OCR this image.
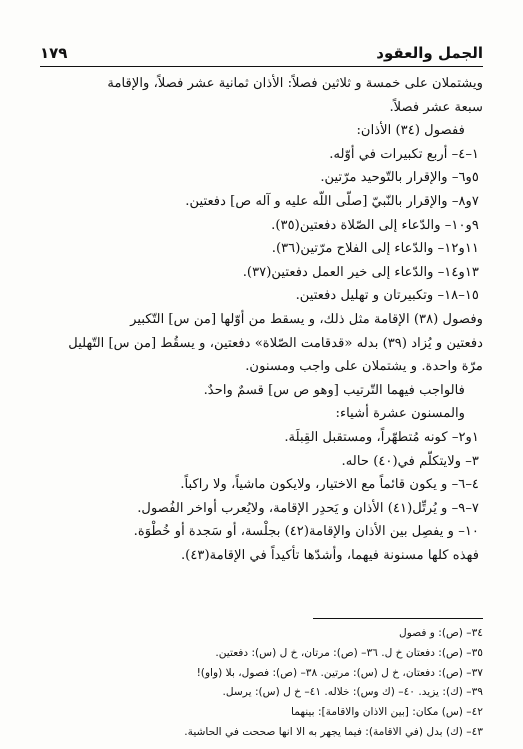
الجمل والعقود
١٧٩

ويشتملان على خمسة و ثلاثين فصلاً: الأذان ثمانية عشر فصلاً، والإقامة

سبعة عشر فصلاً.

ففصول (٣٤) الأذان:

١–٤– أربع تكبيرات في أوّله.

٥و٦– والإقرار بالتّوحيد مرّتين.

٧و٨– والإقرار بالنّبيّ [صلّى اللّه عليه و آله ص] دفعتين.

٩و١٠– والدّعاء إلى الصّلاة دفعتين(٣٥).

١١و١٢– والدّعاء إلى الفلاح مرّتين(٣٦).

١٣و١٤– والدّعاء إلى خير العمل دفعتين(٣٧).

١٥–١٨– وتكبيرتان و تهليل دفعتين.

وفصول (٣٨) الإقامة مثل ذلك، و يسقط من أوّلها [من س] التّكبير

دفعتين و يُزاد (٣٩) بدله «قدقامت الصّلاة» دفعتين، و يسقُط [من س] التّهليل

مرّة واحدة. و يشتملان على واجب ومسنون.

فالواجب فيهما التّرتيب [وهو ص س] قسمٌ واحدٌ.

والمسنون عشرة أشياء:

١و٢– كونه مُتطهّراً، ومستقبل القِبلَة.

٣– ولايتكلّم في(٤٠) حاله.

٤–٦– و يكون قائماً مع الاختيار، ولايكون ماشياً، ولا راكباً.

٧–٩– و يُرتِّل(٤١) الأذان و يَحدِر الإقامة، ولايُعرب أواخر الفُصول.

١٠– و يفصِل بين الأذان والإقامة(٤٢) بجلْسة، أو سَجدة أو خُطْوَة.

فهذه كلها مسنونة فيهما، وأشدّها تأكيداً في الإقامة(٤٣).

٣٤– (ص): و فصول

٣٥– (ص): دفعتان خ ل. ٣٦– (ص): مرتان، خ ل (س): دفعتين.

٣٧– (ص): دفعتان، خ ل (س): مرتين. ٣٨– (ص): فصول، بلا (واو)!

٣٩– (ك): يزيد. ٤٠– (ك وس): خلاله. ٤١– خ ل (س): يرسل.

٤٢– (س) مكان: [بين الاذان والاقامة]: بينهما

٤٣– (ك) بدل (في الاقامة): فيما يجهر به الا انها صححت في الحاشية.
